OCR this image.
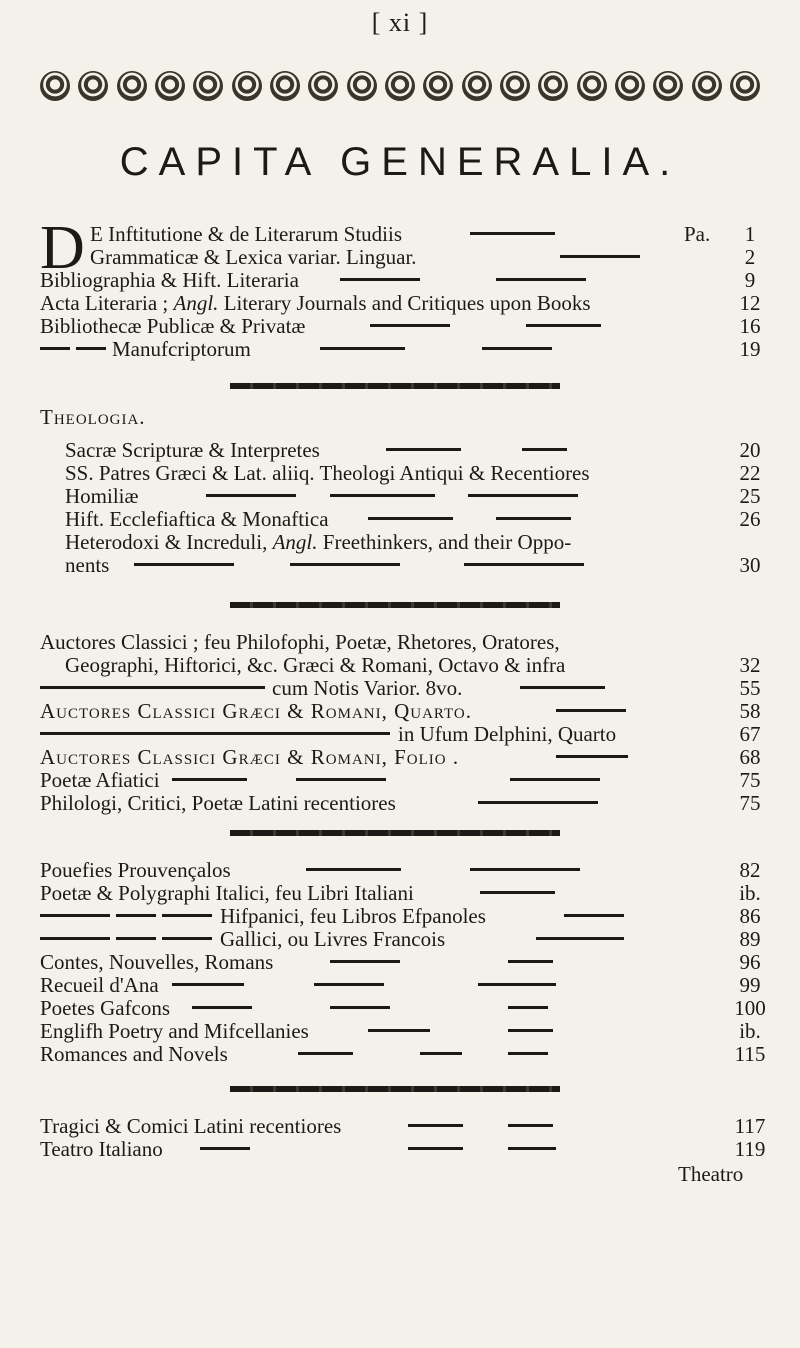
[ xi ]
CAPITA GENERALIA.
D E Inftitutione & de Literarum Studiis	Pa.	1
Grammaticæ & Lexica variar. Linguar.	2
Bibliographia & Hift. Literaria	9
Acta Literaria ; Angl. Literary Journals and Critiques upon Books	12
Bibliothecæ Publicæ & Privatæ	16
Manufcriptorum	19
Theologia.
Sacræ Scripturæ & Interpretes	20
SS. Patres Græci & Lat. aliiq. Theologi Antiqui & Recentiores	22
Homiliæ	25
Hift. Ecclefiaftica & Monaftica	26
Heterodoxi & Increduli, Angl. Freethinkers, and their Oppo-
nents	30
Auctores Classici ; feu Philofophi, Poetæ, Rhetores, Oratores,
Geographi, Hiftorici, &c. Græci & Romani, Octavo & infra	32
cum Notis Varior. 8vo.	55
Auctores Classici Græci & Romani, Quarto.	58
in Ufum Delphini, Quarto	67
Auctores Classici Græci & Romani, Folio .	68
Poetæ Afiatici	75
Philologi, Critici, Poetæ Latini recentiores	75
Pouefies Prouvençalos	82
Poetæ & Polygraphi Italici, feu Libri Italiani	ib.
Hifpanici, feu Libros Efpanoles	86
Gallici, ou Livres Francois	89
Contes, Nouvelles, Romans	96
Recueil d'Ana	99
Poetes Gafcons	100
Englifh Poetry and Mifcellanies	ib.
Romances and Novels	115
Tragici & Comici Latini recentiores	117
Teatro Italiano	119
Theatro
